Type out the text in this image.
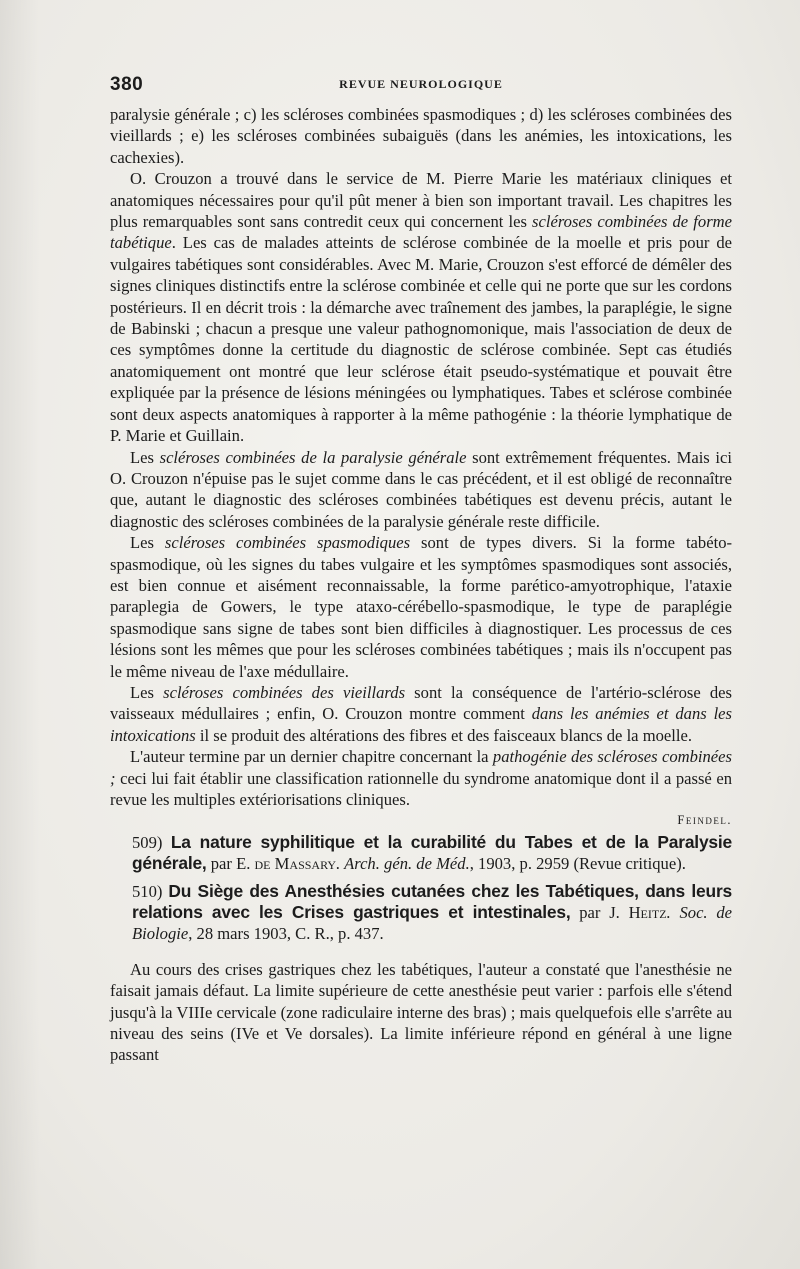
380	REVUE NEUROLOGIQUE

paralysie générale ; c) les scléroses combinées spasmodiques ; d) les scléroses combinées des vieillards ; e) les scléroses combinées subaiguës (dans les anémies, les intoxications, les cachexies).

O. Crouzon a trouvé dans le service de M. Pierre Marie les matériaux cliniques et anatomiques nécessaires pour qu'il pût mener à bien son important travail. Les chapitres les plus remarquables sont sans contredit ceux qui concernent les scléroses combinées de forme tabétique. Les cas de malades atteints de sclérose combinée de la moelle et pris pour de vulgaires tabétiques sont considérables. Avec M. Marie, Crouzon s'est efforcé de démêler des signes cliniques distinctifs entre la sclérose combinée et celle qui ne porte que sur les cordons postérieurs. Il en décrit trois : la démarche avec traînement des jambes, la paraplégie, le signe de Babinski ; chacun a presque une valeur pathognomonique, mais l'association de deux de ces symptômes donne la certitude du diagnostic de sclérose combinée. Sept cas étudiés anatomiquement ont montré que leur sclérose était pseudo-systématique et pouvait être expliquée par la présence de lésions méningées ou lymphatiques. Tabes et sclérose combinée sont deux aspects anatomiques à rapporter à la même pathogénie : la théorie lymphatique de P. Marie et Guillain.

Les scléroses combinées de la paralysie générale sont extrêmement fréquentes. Mais ici O. Crouzon n'épuise pas le sujet comme dans le cas précédent, et il est obligé de reconnaître que, autant le diagnostic des scléroses combinées tabétiques est devenu précis, autant le diagnostic des scléroses combinées de la paralysie générale reste difficile.

Les scléroses combinées spasmodiques sont de types divers. Si la forme tabéto-spasmodique, où les signes du tabes vulgaire et les symptômes spasmodiques sont associés, est bien connue et aisément reconnaissable, la forme parético-amyotrophique, l'ataxie paraplegia de Gowers, le type ataxo-cérébello-spasmodique, le type de paraplégie spasmodique sans signe de tabes sont bien difficiles à diagnostiquer. Les processus de ces lésions sont les mêmes que pour les scléroses combinées tabétiques ; mais ils n'occupent pas le même niveau de l'axe médullaire.

Les scléroses combinées des vieillards sont la conséquence de l'artério-sclérose des vaisseaux médullaires ; enfin, O. Crouzon montre comment dans les anémies et dans les intoxications il se produit des altérations des fibres et des faisceaux blancs de la moelle.

L'auteur termine par un dernier chapitre concernant la pathogénie des scléroses combinées ; ceci lui fait établir une classification rationnelle du syndrome anatomique dont il a passé en revue les multiples extériorisations cliniques.

Feindel.

509) La nature syphilitique et la curabilité du Tabes et de la Paralysie générale, par E. de Massary. Arch. gén. de Méd., 1903, p. 2959 (Revue critique).

510) Du Siège des Anesthésies cutanées chez les Tabétiques, dans leurs relations avec les Crises gastriques et intestinales, par J. Heitz. Soc. de Biologie, 28 mars 1903, C. R., p. 437.

Au cours des crises gastriques chez les tabétiques, l'auteur a constaté que l'anesthésie ne faisait jamais défaut. La limite supérieure de cette anesthésie peut varier : parfois elle s'étend jusqu'à la VIIIe cervicale (zone radiculaire interne des bras) ; mais quelquefois elle s'arrête au niveau des seins (IVe et Ve dorsales). La limite inférieure répond en général à une ligne passant
